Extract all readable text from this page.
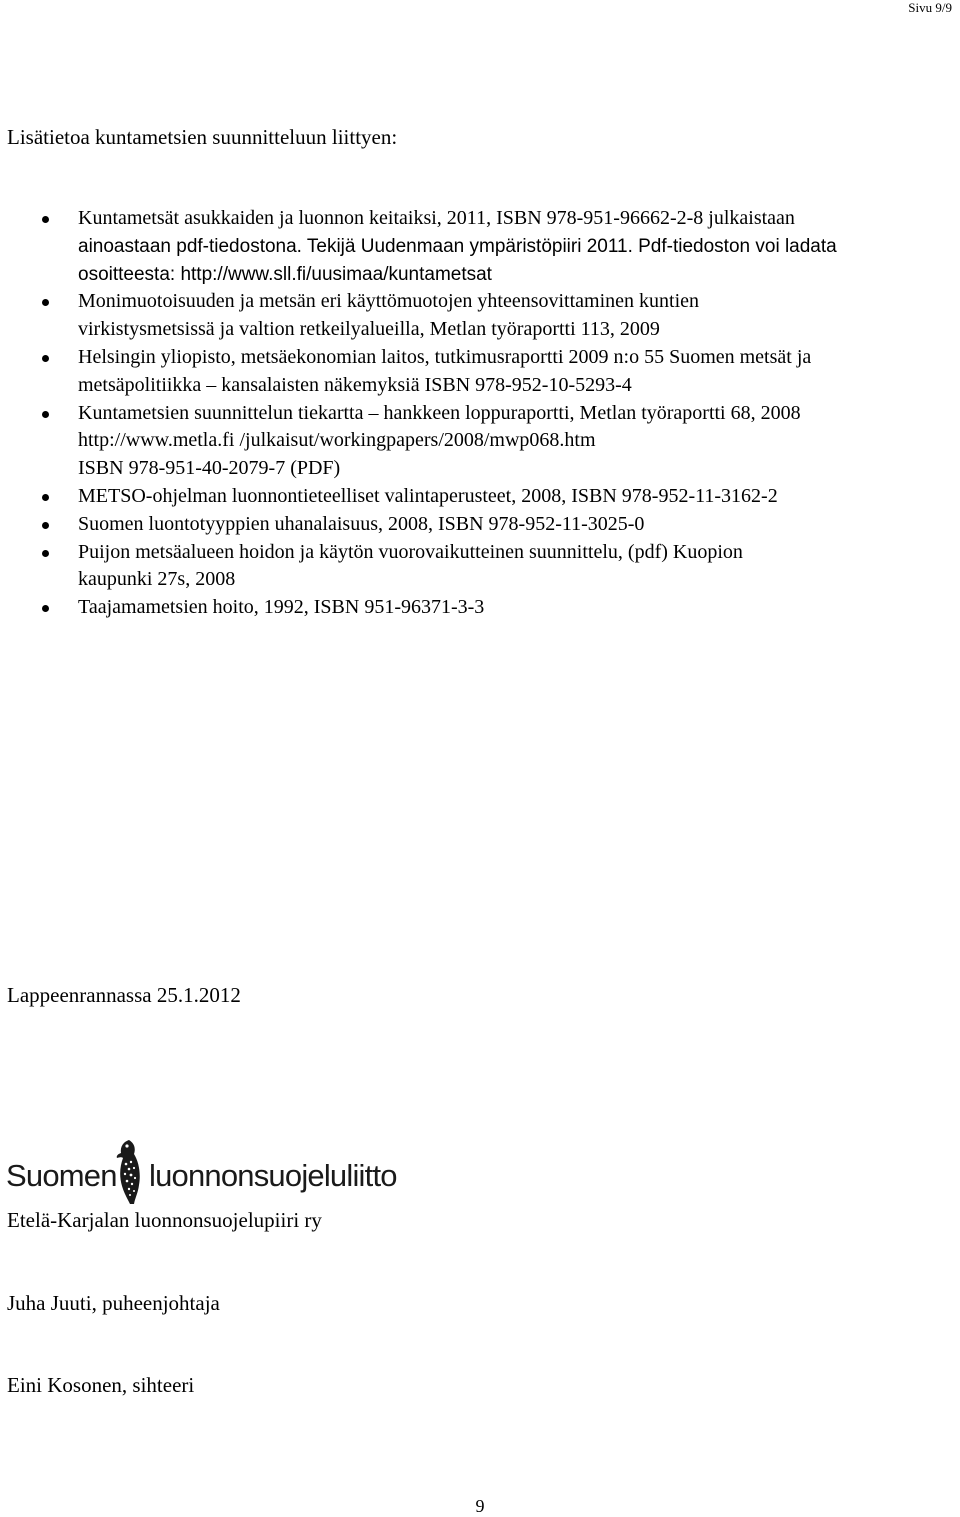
Sivu 9/9
Lisätietoa kuntametsien suunnitteluun liittyen:
Kuntametsät asukkaiden ja luonnon keitaiksi, 2011, ISBN 978-951-96662-2-8 julkaistaan
ainoastaan pdf-tiedostona. Tekijä Uudenmaan ympäristöpiiri 2011. Pdf-tiedoston voi ladata
osoitteesta: http://www.sll.fi/uusimaa/kuntametsat
Monimuotoisuuden ja metsän eri käyttömuotojen yhteensovittaminen kuntien
virkistysmetsissä ja valtion retkeilyalueilla, Metlan työraportti 113, 2009
Helsingin yliopisto, metsäekonomian laitos, tutkimusraportti 2009 n:o 55 Suomen metsät ja
metsäpolitiikka – kansalaisten näkemyksiä ISBN 978-952-10-5293-4
Kuntametsien suunnittelun tiekartta – hankkeen loppuraportti, Metlan työraportti 68, 2008
http://www.metla.fi /julkaisut/workingpapers/2008/mwp068.htm
ISBN 978-951-40-2079-7 (PDF)
METSO-ohjelman luonnontieteelliset valintaperusteet, 2008, ISBN 978-952-11-3162-2
Suomen luontotyyppien uhanalaisuus, 2008, ISBN 978-952-11-3025-0
Puijon metsäalueen hoidon ja käytön vuorovaikutteinen suunnittelu, (pdf) Kuopion
kaupunki 27s, 2008
Taajamametsien hoito, 1992, ISBN 951-96371-3-3
Lappeenrannassa 25.1.2012
Suomen luonnonsuojeluliitto
Etelä-Karjalan luonnonsuojelupiiri ry
Juha Juuti, puheenjohtaja
Eini Kosonen, sihteeri
9
